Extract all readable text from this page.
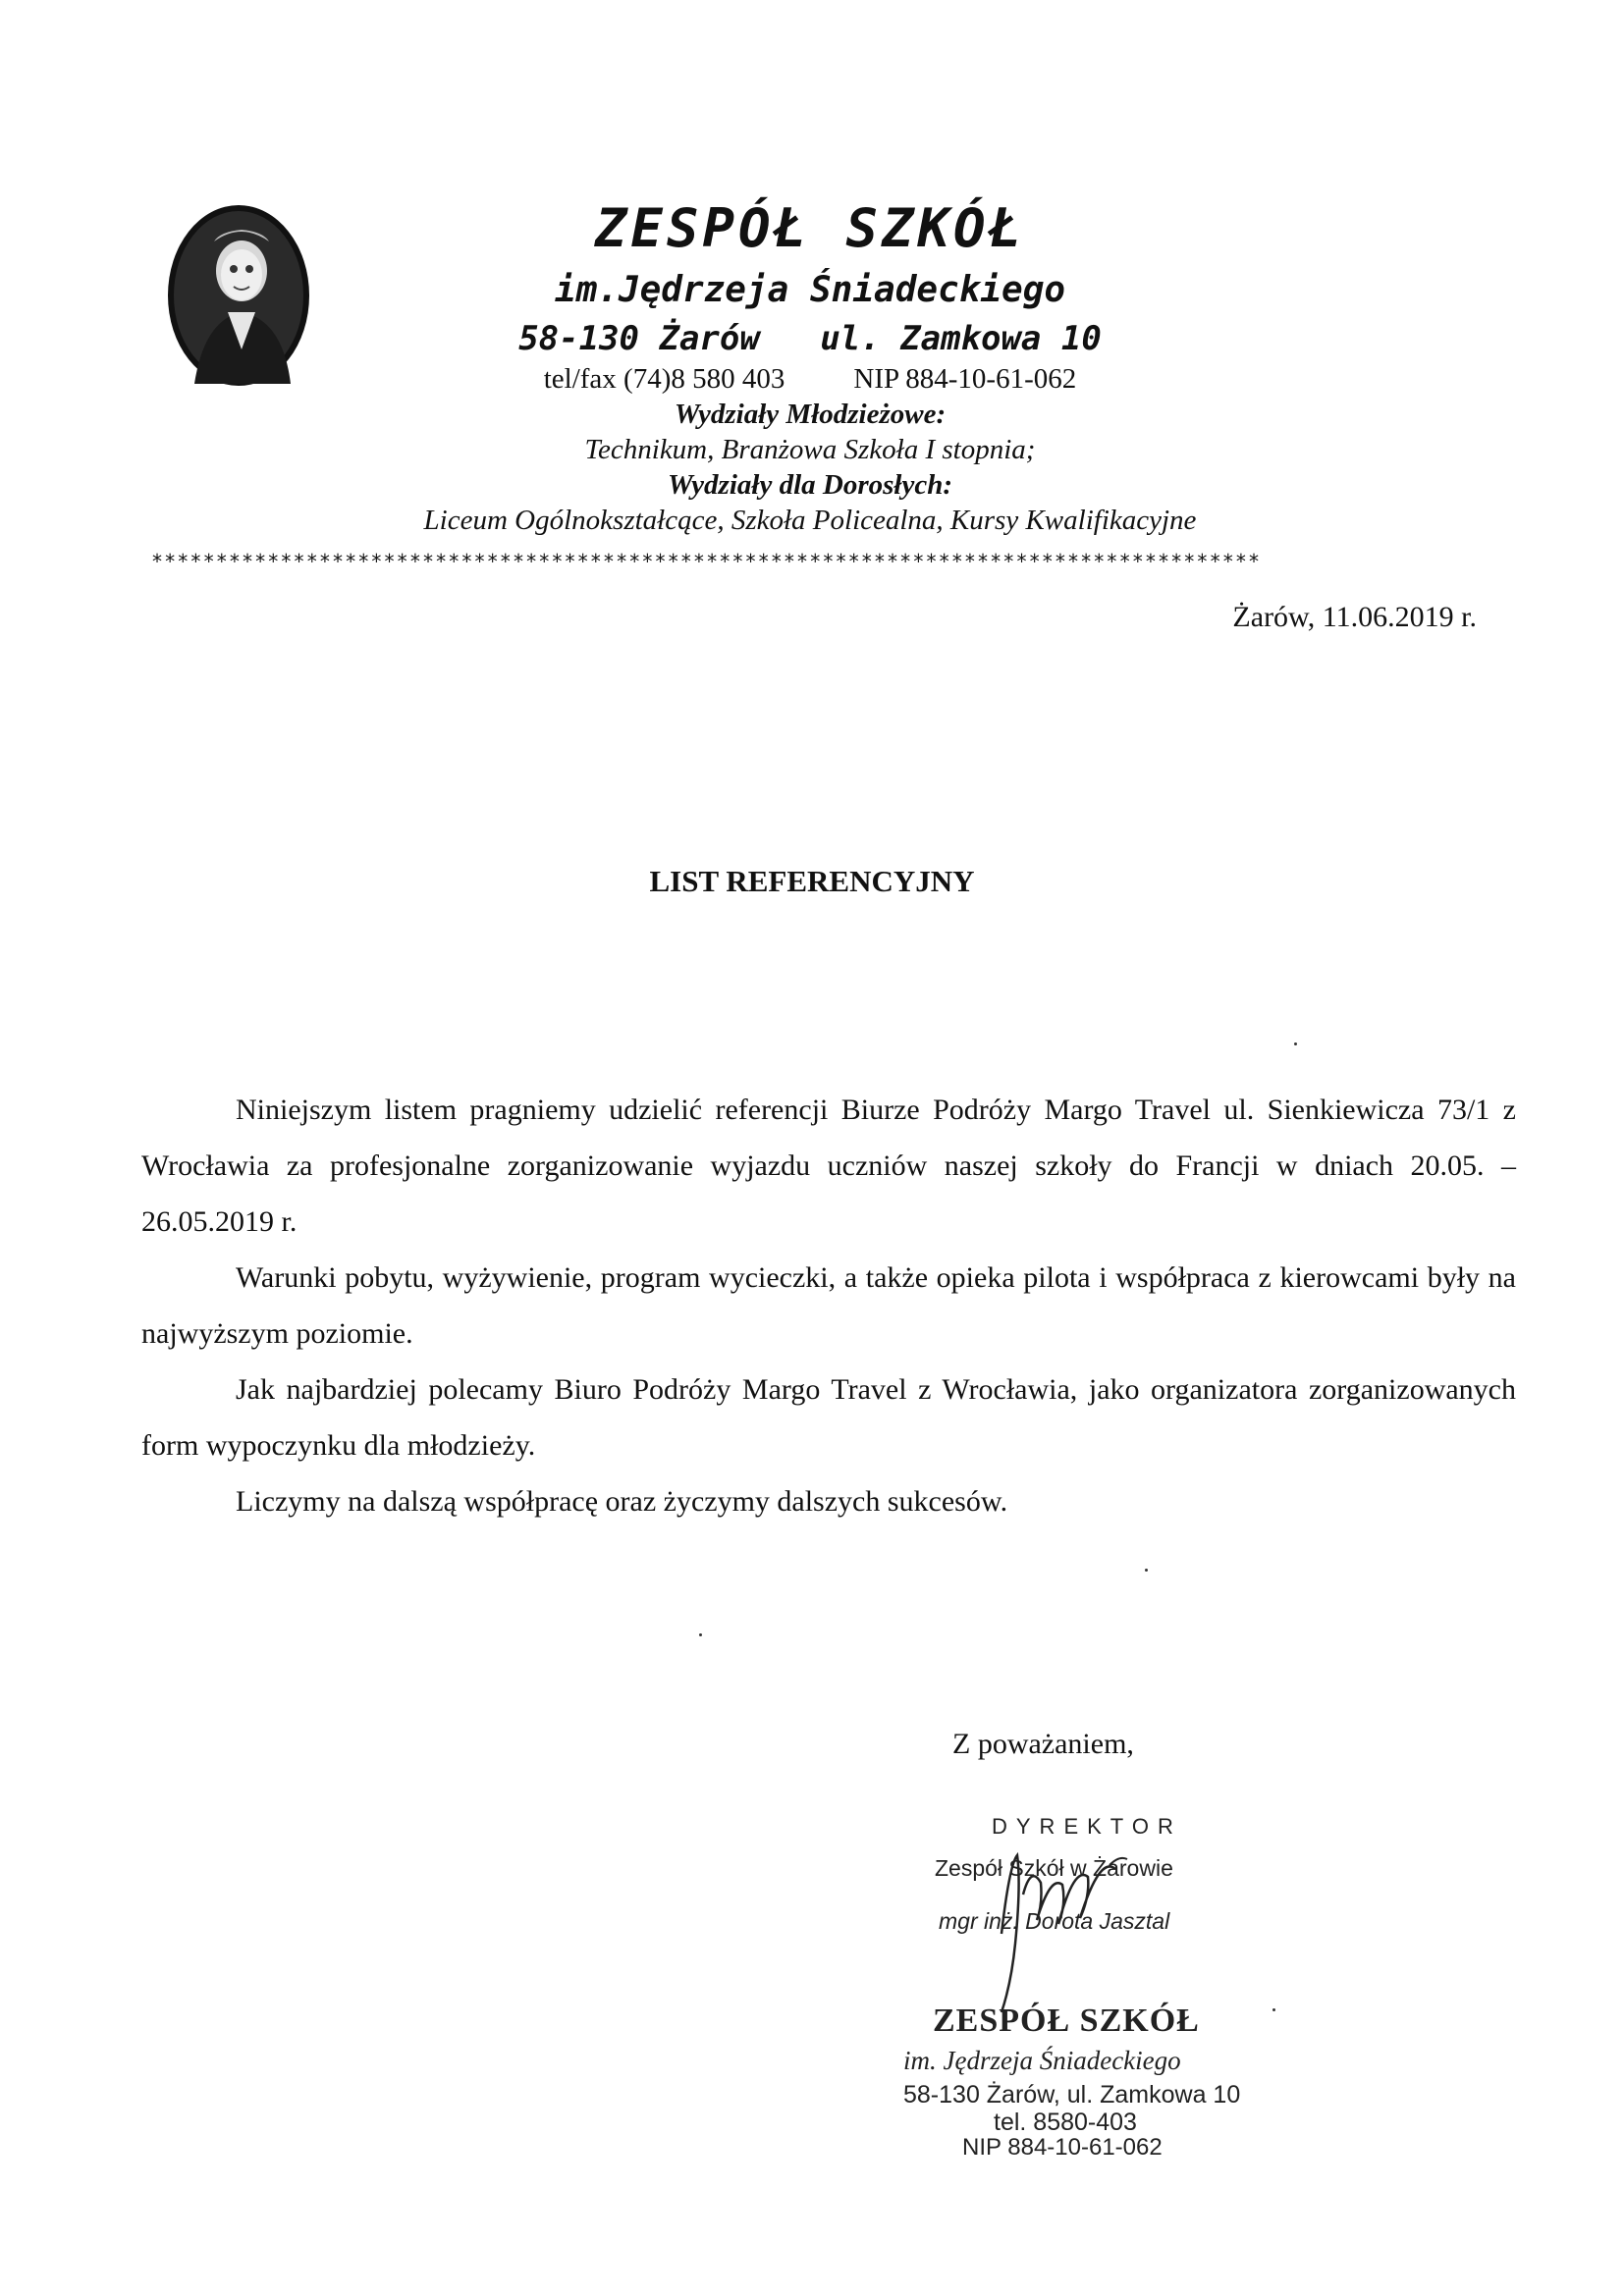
ZESPÓŁ SZKÓŁ
im.Jędrzeja Śniadeckiego
58-130 Żarów   ul. Zamkowa 10
tel/fax (74)8 580 403 NIP 884-10-61-062
Wydziały Młodzieżowe:
Technikum, Branżowa Szkoła I stopnia;
Wydziały dla Dorosłych:
Liceum Ogólnokształcące, Szkoła Policealna, Kursy Kwalifikacyjne
**************************************************************************************
Żarów, 11.06.2019 r.
LIST REFERENCYJNY

Niniejszym listem pragniemy udzielić referencji Biurze Podróży Margo Travel ul. Sienkiewicza 73/1 z Wrocławia za profesjonalne zorganizowanie wyjazdu uczniów naszej szkoły do Francji w dniach 20.05. – 26.05.2019 r.

Warunki pobytu, wyżywienie, program wycieczki, a także opieka pilota i współpraca z kierowcami były na najwyższym poziomie.

Jak najbardziej polecamy Biuro Podróży Margo Travel z Wrocławia, jako organizatora zorganizowanych form wypoczynku dla młodzieży.

Liczymy na dalszą współpracę oraz życzymy dalszych sukcesów.

Z poważaniem,
DYREKTOR
Zespół Szkół w Żarowie
mgr inż. Dorota Jasztal
ZESPÓŁ SZKÓŁ
im. Jędrzeja Śniadeckiego
58-130 Żarów, ul. Zamkowa 10
tel. 8580-403
NIP 884-10-61-062
